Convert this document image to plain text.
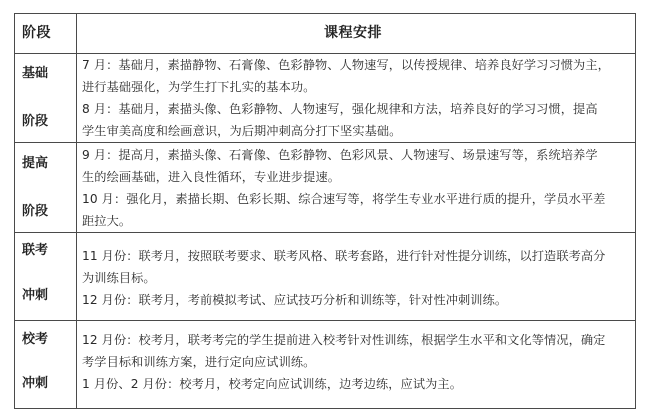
阶段	课程安排
基础
阶段
7 月：基础月，素描静物、石膏像、色彩静物、人物速写，以传授规律、培养良好学习习惯为主，
进行基础强化，为学生打下扎实的基本功。
8 月：基础月，素描头像、色彩静物、人物速写，强化规律和方法，培养良好的学习习惯，提高
学生审美高度和绘画意识，为后期冲刺高分打下坚实基础。
提高
阶段
9 月：提高月，素描头像、石膏像、色彩静物、色彩风景、人物速写、场景速写等，系统培养学
生的绘画基础，进入良性循环，专业进步提速。
10 月：强化月，素描长期、色彩长期、综合速写等，将学生专业水平进行质的提升，学员水平差
距拉大。
联考
冲刺
11 月份：联考月，按照联考要求、联考风格、联考套路，进行针对性提分训练，以打造联考高分
为训练目标。
12 月份：联考月，考前模拟考试、应试技巧分析和训练等，针对性冲刺训练。
校考
冲刺
12 月份：校考月，联考考完的学生提前进入校考针对性训练，根据学生水平和文化等情况，确定
考学目标和训练方案，进行定向应试训练。
1 月份、2 月份：校考月，校考定向应试训练，边考边练，应试为主。
